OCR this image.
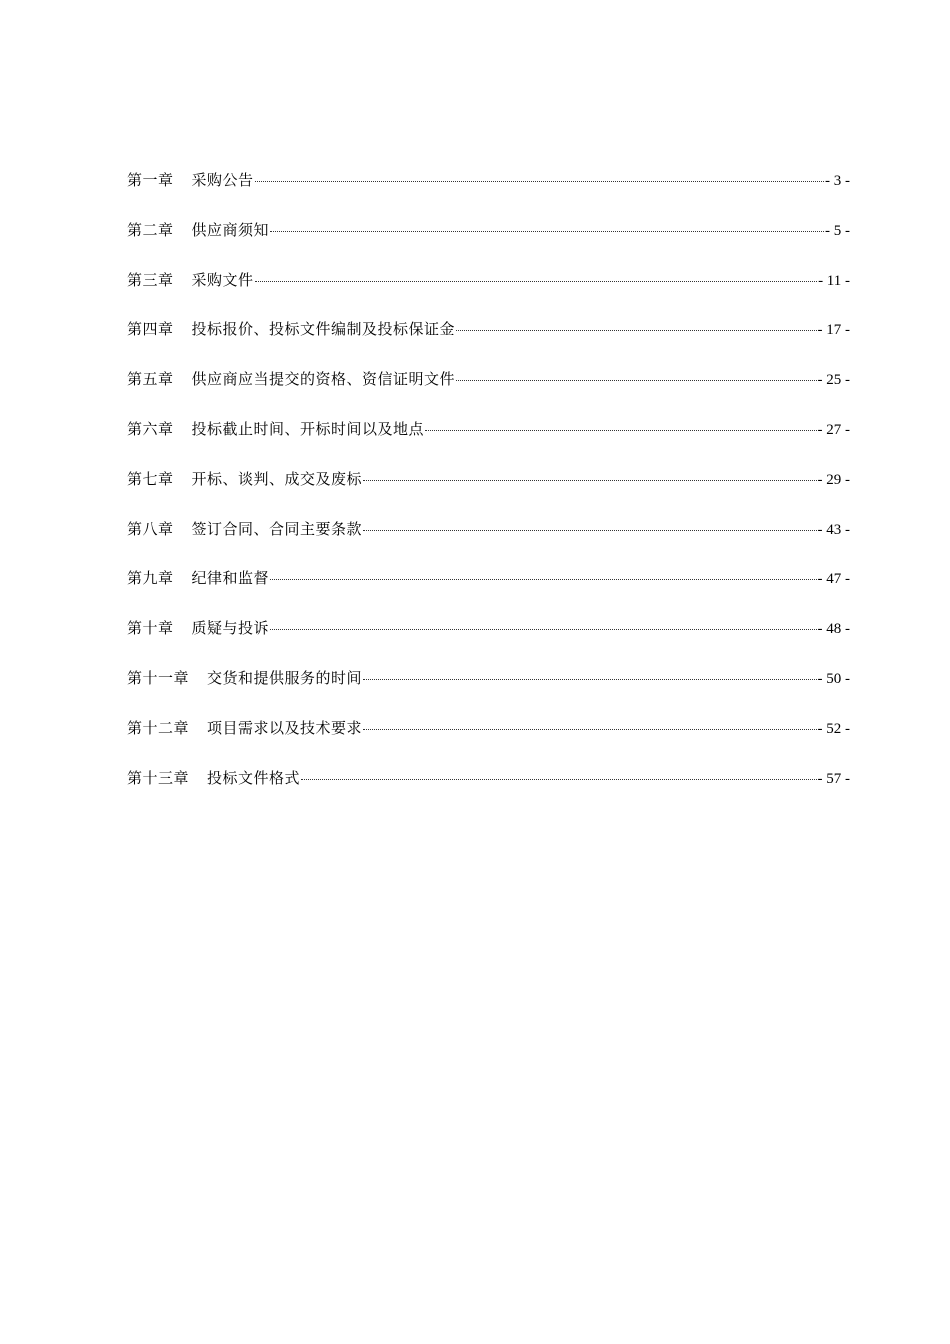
第一章	采购公告	- 3 -
第二章	供应商须知	- 5 -
第三章	采购文件	- 11 -
第四章	投标报价、投标文件编制及投标保证金	- 17 -
第五章	供应商应当提交的资格、资信证明文件	- 25 -
第六章	投标截止时间、开标时间以及地点	- 27 -
第七章	开标、谈判、成交及废标	- 29 -
第八章	签订合同、合同主要条款	- 43 -
第九章	纪律和监督	- 47 -
第十章	质疑与投诉	- 48 -
第十一章	交货和提供服务的时间	- 50 -
第十二章	项目需求以及技术要求	- 52 -
第十三章	投标文件格式	- 57 -
